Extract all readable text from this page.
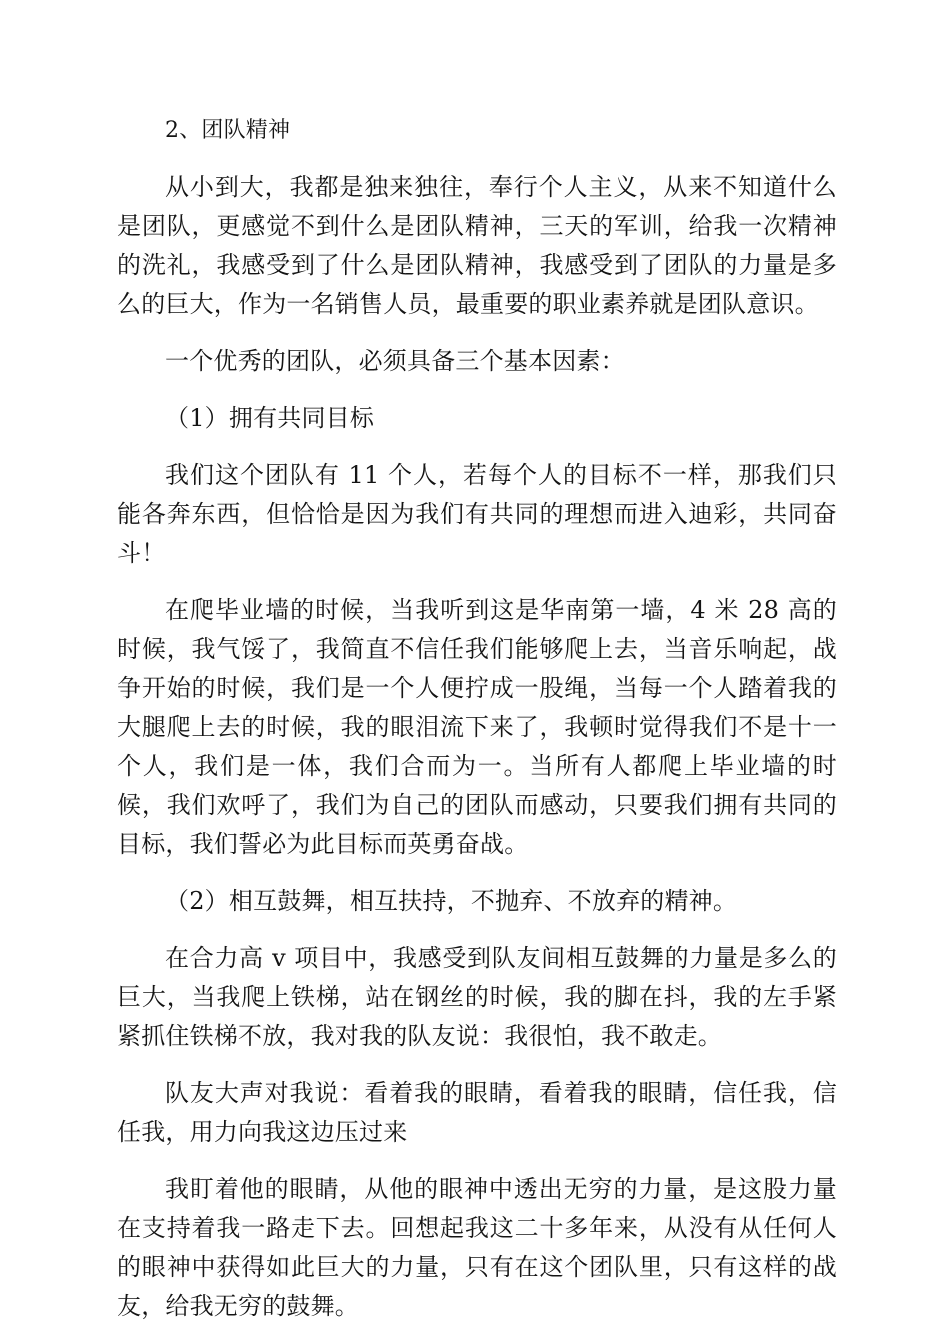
2、团队精神

从小到大，我都是独来独往，奉行个人主义，从来不知道什么是团队，更感觉不到什么是团队精神，三天的军训，给我一次精神的洗礼，我感受到了什么是团队精神，我感受到了团队的力量是多么的巨大，作为一名销售人员，最重要的职业素养就是团队意识。

一个优秀的团队，必须具备三个基本因素：

（1）拥有共同目标

我们这个团队有 11 个人，若每个人的目标不一样，那我们只能各奔东西，但恰恰是因为我们有共同的理想而进入迪彩，共同奋斗！

在爬毕业墙的时候，当我听到这是华南第一墙，4 米 28 高的时候，我气馁了，我简直不信任我们能够爬上去，当音乐响起，战争开始的时候，我们是一个人便拧成一股绳，当每一个人踏着我的大腿爬上去的时候，我的眼泪流下来了，我顿时觉得我们不是十一个人，我们是一体，我们合而为一。当所有人都爬上毕业墙的时候，我们欢呼了，我们为自己的团队而感动，只要我们拥有共同的目标，我们誓必为此目标而英勇奋战。

（2）相互鼓舞，相互扶持，不抛弃、不放弃的精神。

在合力高 v 项目中，我感受到队友间相互鼓舞的力量是多么的巨大，当我爬上铁梯，站在钢丝的时候，我的脚在抖，我的左手紧紧抓住铁梯不放，我对我的队友说：我很怕，我不敢走。

队友大声对我说：看着我的眼睛，看着我的眼睛，信任我，信任我，用力向我这边压过来

我盯着他的眼睛，从他的眼神中透出无穷的力量，是这股力量在支持着我一路走下去。回想起我这二十多年来，从没有从任何人的眼神中获得如此巨大的力量，只有在这个团队里，只有这样的战友，给我无穷的鼓舞。
